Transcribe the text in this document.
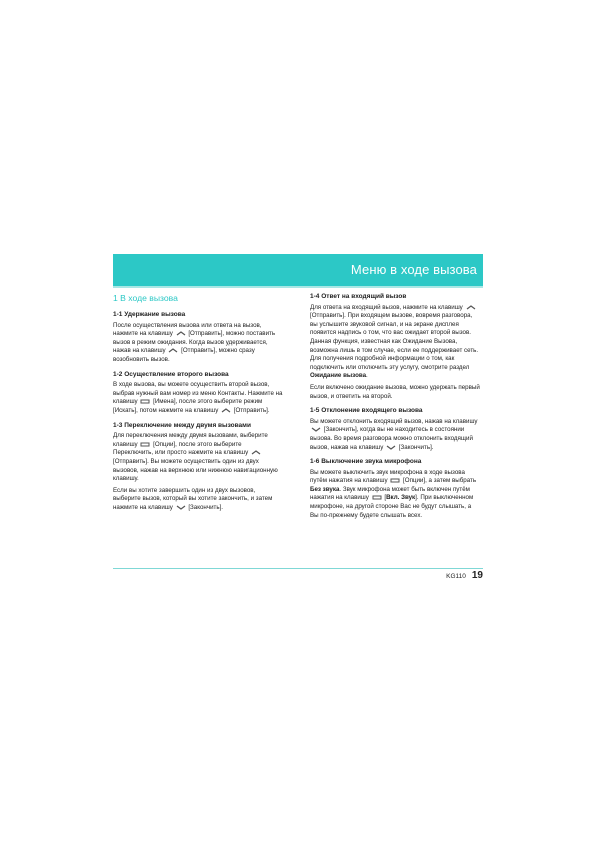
Меню в ходе вызова
1 В ходе вызова
1-1 Удержание вызова
После осуществления вызова или ответа на вызов, нажмите на клавишу [Отправить], можно поставить вызов в режим ожидания. Когда вызов удерживается, нажав на клавишу [Отправить], можно сразу возобновить вызов.
1-2 Осуществление второго вызова
В ходе вызова, вы можете осуществить второй вызов, выбрав нужный вам номер из меню Контакты. Нажмите на клавишу [Имена], после этого выберите режим [Искать], потом нажмите на клавишу [Отправить].
1-3 Переключение между двумя вызовами
Для переключения между двумя вызовами, выберите клавишу [Опции], после этого выберите Переключить, или просто нажмите на клавишу
[Отправить]. Вы можете осуществить один из двух вызовов, нажав на верхнюю или нижнюю навигационную клавишу.
Если вы хотите завершить один из двух вызовов, выберите вызов, который вы хотите закончить, и затем нажмите на клавишу [Закончить].
1-4 Ответ на входящий вызов
Для ответа на входящий вызов, нажмите на клавишу
[Отправить]. При входящем вызове, вовремя разговора, вы услышите звуковой сигнал, и на экране дисплея появится надпись о том, что вас ожидает второй вызов. Данная функция, известная как Ожидание Вызова, возможна лишь в том случае, если ее поддерживает сеть. Для получения подробной информации о том, как подключить или отключить эту услугу, смотрите раздел Ожидание вызова.
Если включено ожидание вызова, можно удержать первый вызов, и ответить на второй.
1-5 Отклонение входящего вызова
Вы можете отклонить входящий вызов, нажав на клавишу
[Закончить], когда вы не находитесь в состоянии вызова. Во время разговора можно отклонить входящий вызов, нажав на клавишу [Закончить].
1-6 Выключение звука микрофона
Вы можете выключить звук микрофона в ходе вызова путём нажатия на клавишу [Опции], а затем выбрать Без звука. Звук микрофона может быть включен путём нажатия на клавишу [Вкл. Звук]. При выключенном микрофоне, на другой стороне Вас не будут слышать, а Вы по-прежнему будете слышать всех.
KG110 19
